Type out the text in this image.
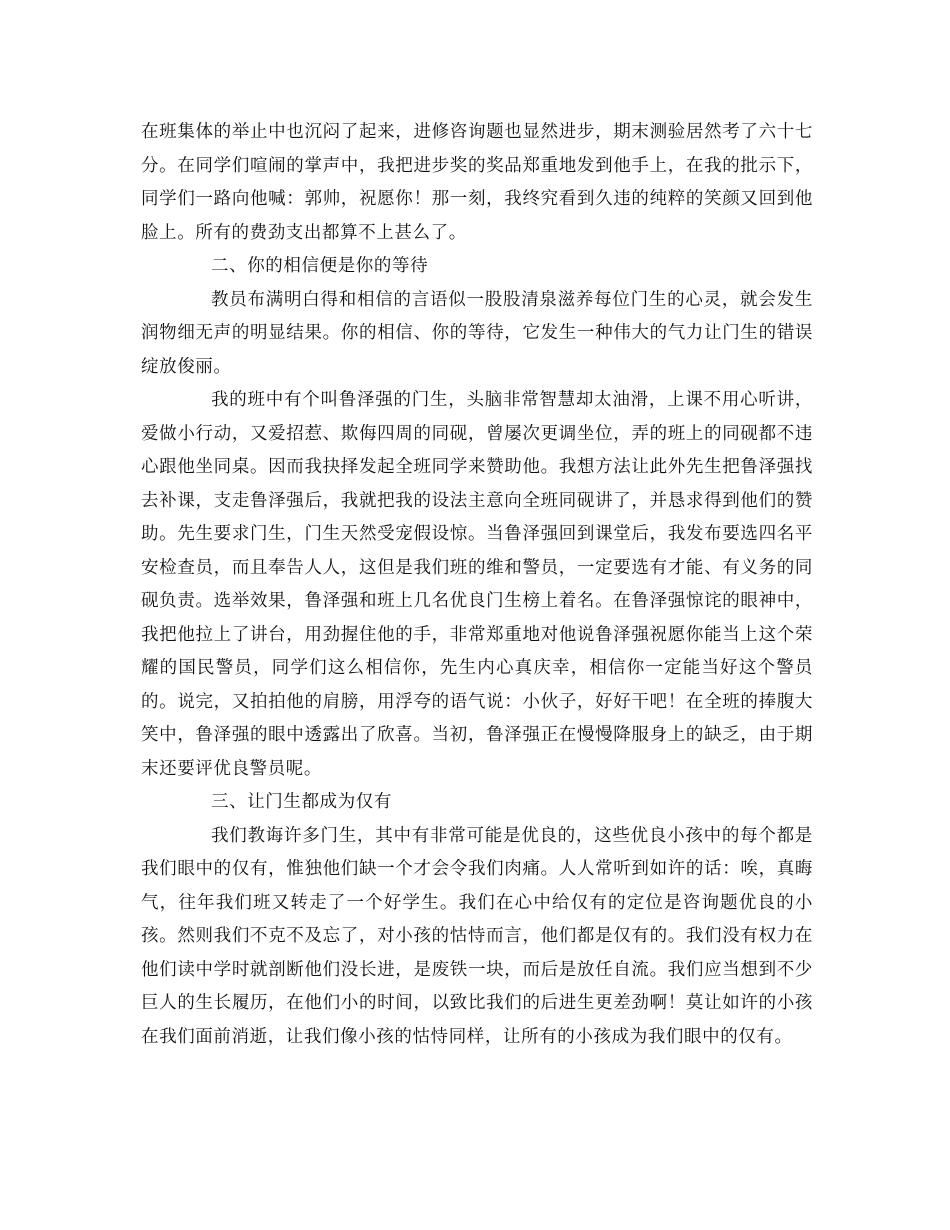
在班集体的举止中也沉闷了起来，进修咨询题也显然进步，期末测验居然考了六十七分。在同学们喧闹的掌声中，我把进步奖的奖品郑重地发到他手上，在我的批示下，同学们一路向他喊：郭帅，祝愿你！那一刻，我终究看到久违的纯粹的笑颜又回到他脸上。所有的费劲支出都算不上甚么了。

二、你的相信便是你的等待

教员布满明白得和相信的言语似一股股清泉滋养每位门生的心灵，就会发生润物细无声的明显结果。你的相信、你的等待，它发生一种伟大的气力让门生的错误绽放俊丽。

我的班中有个叫鲁泽强的门生，头脑非常智慧却太油滑，上课不用心听讲，爱做小行动，又爱招惹、欺侮四周的同砚，曾屡次更调坐位，弄的班上的同砚都不违心跟他坐同桌。因而我抉择发起全班同学来赞助他。我想方法让此外先生把鲁泽强找去补课，支走鲁泽强后，我就把我的设法主意向全班同砚讲了，并恳求得到他们的赞助。先生要求门生，门生天然受宠假设惊。当鲁泽强回到课堂后，我发布要选四名平安检查员，而且奉告人人，这但是我们班的维和警员，一定要选有才能、有义务的同砚负责。选举效果，鲁泽强和班上几名优良门生榜上着名。在鲁泽强惊诧的眼神中，我把他拉上了讲台，用劲握住他的手，非常郑重地对他说鲁泽强祝愿你能当上这个荣耀的国民警员，同学们这么相信你，先生内心真庆幸，相信你一定能当好这个警员的。说完，又拍拍他的肩膀，用浮夸的语气说：小伙子，好好干吧！在全班的捧腹大笑中，鲁泽强的眼中透露出了欣喜。当初，鲁泽强正在慢慢降服身上的缺乏，由于期末还要评优良警员呢。

三、让门生都成为仅有

我们教诲许多门生，其中有非常可能是优良的，这些优良小孩中的每个都是我们眼中的仅有，惟独他们缺一个才会令我们肉痛。人人常听到如许的话：唉，真晦气，往年我们班又转走了一个好学生。我们在心中给仅有的定位是咨询题优良的小孩。然则我们不克不及忘了，对小孩的怙恃而言，他们都是仅有的。我们没有权力在他们读中学时就剖断他们没长进，是废铁一块，而后是放任自流。我们应当想到不少巨人的生长履历，在他们小的时间，以致比我们的后进生更差劲啊！莫让如许的小孩在我们面前消逝，让我们像小孩的怙恃同样，让所有的小孩成为我们眼中的仅有。
